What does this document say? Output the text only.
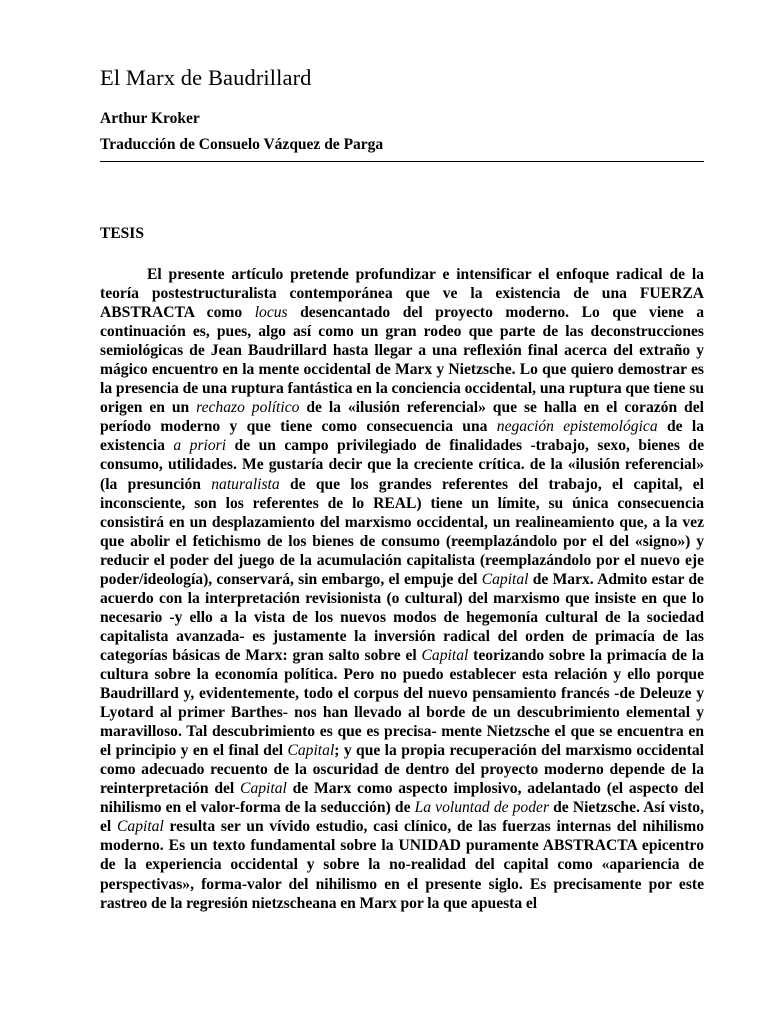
El Marx de Baudrillard

Arthur Kroker

Traducción de Consuelo Vázquez de Parga

TESIS

El presente artículo pretende profundizar e intensificar el enfoque radical de la teoría postestructuralista contemporánea que ve la existencia de una FUERZA ABSTRACTA como locus desencantado del proyecto moderno. Lo que viene a continuación es, pues, algo así como un gran rodeo que parte de las deconstrucciones semiológicas de Jean Baudrillard hasta llegar a una reflexión final acerca del extraño y mágico encuentro en la mente occidental de Marx y Nietzsche. Lo que quiero demostrar es la presencia de una ruptura fantástica en la conciencia occidental, una ruptura que tiene su origen en un rechazo político de la «ilusión referencial» que se halla en el corazón del período moderno y que tiene como consecuencia una negación epistemológica de la existencia a priori de un campo privilegiado de finalidades -trabajo, sexo, bienes de consumo, utilidades. Me gustaría decir que la creciente crítica. de la «ilusión referencial» (la presunción naturalista de que los grandes referentes del trabajo, el capital, el inconsciente, son los referentes de lo REAL) tiene un límite, su única consecuencia consistirá en un desplazamiento del marxismo occidental, un realineamiento que, a la vez que abolir el fetichismo de los bienes de consumo (reemplazándolo por el del «signo») y reducir el poder del juego de la acumulación capitalista (reemplazándolo por el nuevo eje poder/ideología), conservará, sin embargo, el empuje del Capital de Marx. Admito estar de acuerdo con la interpretación revisionista (o cultural) del marxismo que insiste en que lo necesario -y ello a la vista de los nuevos modos de hegemonía cultural de la sociedad capitalista avanzada- es justamente la inversión radical del orden de primacía de las categorías básicas de Marx: gran salto sobre el Capital teorizando sobre la primacía de la cultura sobre la economía política. Pero no puedo establecer esta relación y ello porque Baudrillard y, evidentemente, todo el corpus del nuevo pensamiento francés -de Deleuze y Lyotard al primer Barthes- nos han llevado al borde de un descubrimiento elemental y maravilloso. Tal descubrimiento es que es precisa- mente Nietzsche el que se encuentra en el principio y en el final del Capital; y que la propia recuperación del marxismo occidental como adecuado recuento de la oscuridad de dentro del proyecto moderno depende de la reinterpretación del Capital de Marx como aspecto implosivo, adelantado (el aspecto del nihilismo en el valor-forma de la seducción) de La voluntad de poder de Nietzsche. Así visto, el Capital resulta ser un vívido estudio, casi clínico, de las fuerzas internas del nihilismo moderno. Es un texto fundamental sobre la UNIDAD puramente ABSTRACTA epicentro de la experiencia occidental y sobre la no-realidad del capital como «apariencia de perspectivas», forma-valor del nihilismo en el presente siglo. Es precisamente por este rastreo de la regresión nietzscheana en Marx por la que apuesta el
